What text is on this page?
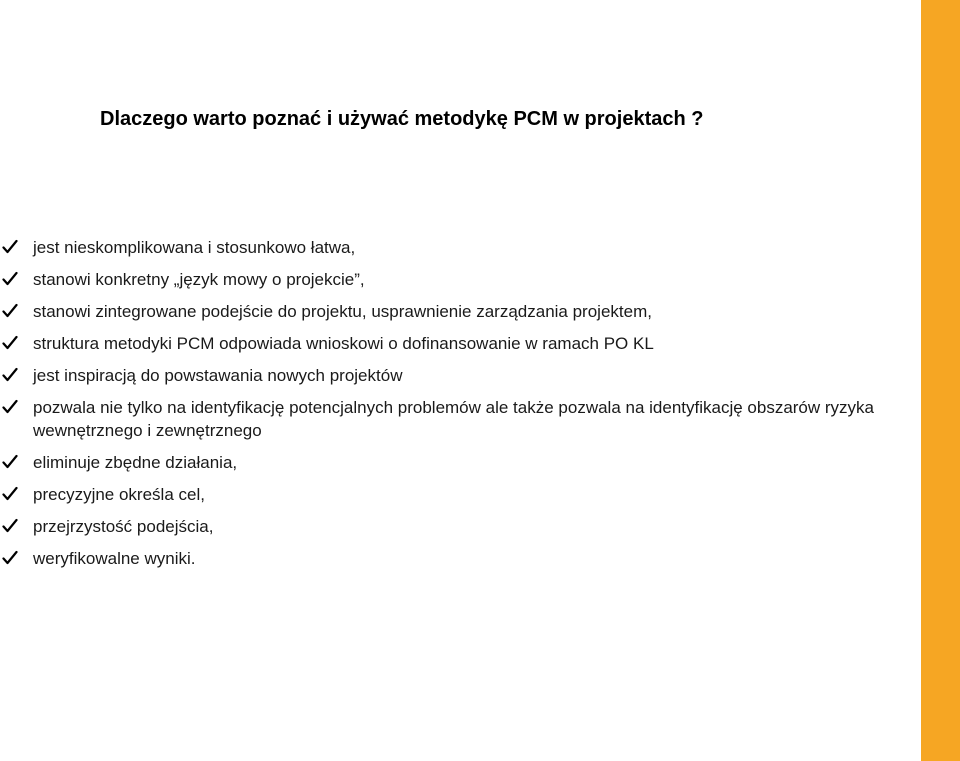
Dlaczego warto poznać i używać metodykę PCM w projektach ?
jest nieskomplikowana i stosunkowo łatwa,
stanowi konkretny „język mowy o projekcie”,
stanowi zintegrowane podejście do projektu, usprawnienie zarządzania projektem,
struktura metodyki PCM odpowiada wnioskowi o dofinansowanie w ramach PO KL
jest inspiracją do powstawania nowych projektów
pozwala nie tylko na identyfikację potencjalnych problemów ale także pozwala na identyfikację obszarów ryzyka wewnętrznego i zewnętrznego
eliminuje zbędne działania,
precyzyjne określa cel,
przejrzystość podejścia,
weryfikowalne wyniki.
